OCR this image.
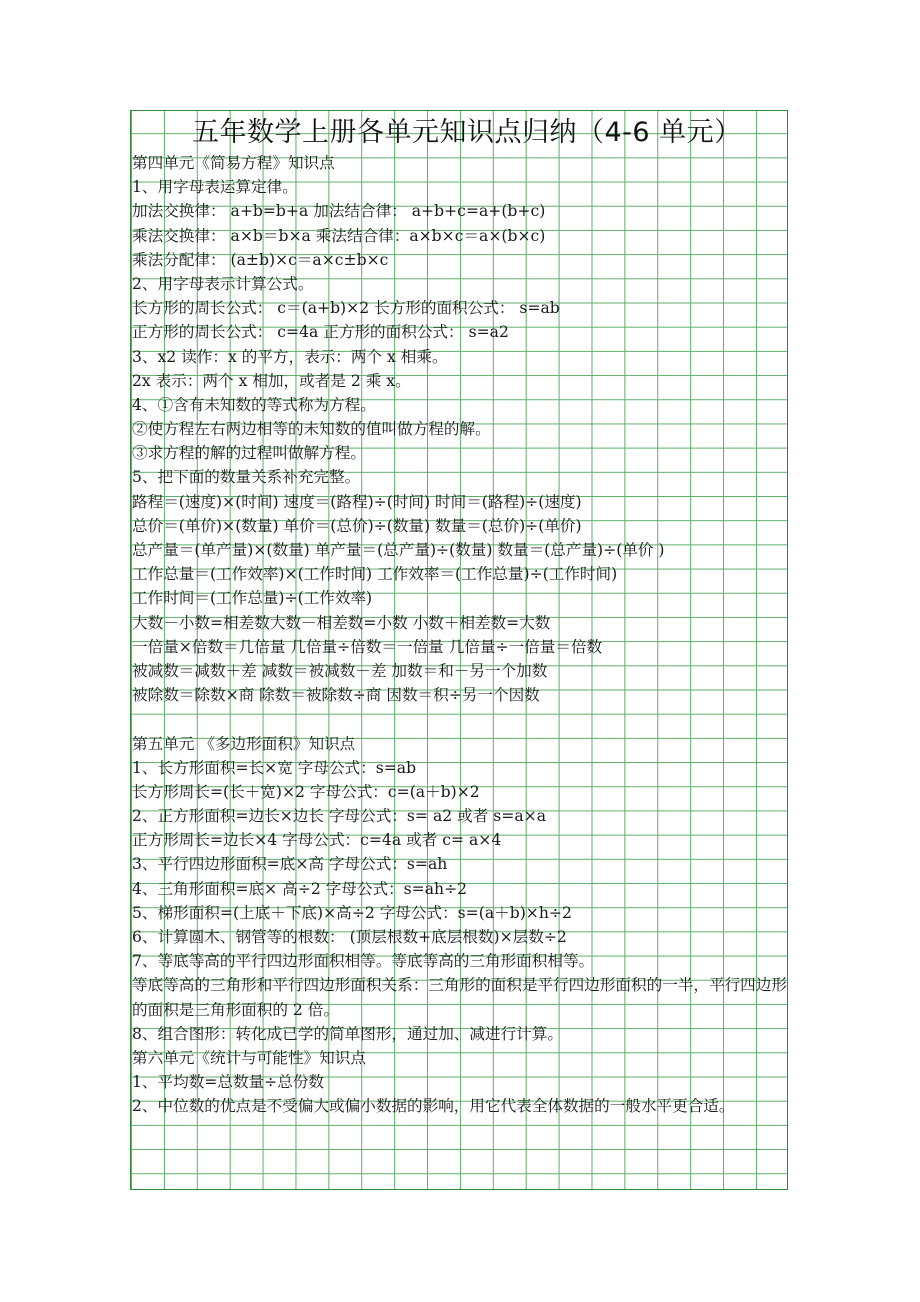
五年数学上册各单元知识点归纳（4-6 单元）
第四单元《简易方程》知识点
1、用字母表运算定律。
加法交换律： a+b=b+a 加法结合律： a+b+c=a+(b+c)
乘法交换律： a×b＝b×a 乘法结合律：a×b×c＝a×(b×c)
乘法分配律： (a±b)×c＝a×c±b×c
2、用字母表示计算公式。
长方形的周长公式： c＝(a+b)×2 长方形的面积公式： s=ab
正方形的周长公式： c=4a 正方形的面积公式： s=a2
3、x2 读作：x 的平方，表示：两个 x 相乘。
2x 表示：两个 x 相加，或者是 2 乘 x。
4、①含有未知数的等式称为方程。
②使方程左右两边相等的未知数的值叫做方程的解。
③求方程的解的过程叫做解方程。
5、把下面的数量关系补充完整。
路程＝(速度)×(时间) 速度＝(路程)÷(时间) 时间＝(路程)÷(速度)
总价＝(单价)×(数量) 单价＝(总价)÷(数量) 数量＝(总价)÷(单价)
总产量＝(单产量)×(数量) 单产量＝(总产量)÷(数量) 数量＝(总产量)÷(单价 )
工作总量＝(工作效率)×(工作时间) 工作效率＝(工作总量)÷(工作时间)
工作时间＝(工作总量)÷(工作效率)
大数－小数=相差数大数－相差数=小数 小数＋相差数=大数
一倍量×倍数＝几倍量 几倍量÷倍数＝一倍量 几倍量÷一倍量＝倍数
被减数＝减数＋差 减数＝被减数－差 加数＝和－另一个加数
被除数＝除数×商 除数＝被除数÷商 因数＝积÷另一个因数
第五单元 《多边形面积》知识点
1、长方形面积=长×宽 字母公式：s=ab
长方形周长=(长＋宽)×2 字母公式：c=(a＋b)×2
2、正方形面积=边长×边长 字母公式：s= a2 或者 s=a×a
正方形周长=边长×4 字母公式：c=4a 或者 c= a×4
3、平行四边形面积=底×高 字母公式：s=ah
4、三角形面积=底× 高÷2 字母公式：s=ah÷2
5、梯形面积=(上底＋下底)×高÷2 字母公式：s=(a＋b)×h÷2
6、计算圆木、钢管等的根数： (顶层根数+底层根数)×层数÷2
7、等底等高的平行四边形面积相等。等底等高的三角形面积相等。
等底等高的三角形和平行四边形面积关系：三角形的面积是平行四边形面积的一半，平行四边形的面积是三角形面积的 2 倍。
8、组合图形：转化成已学的简单图形，通过加、减进行计算。
第六单元《统计与可能性》知识点
1、平均数=总数量÷总份数
2、中位数的优点是不受偏大或偏小数据的影响，用它代表全体数据的一般水平更合适。
